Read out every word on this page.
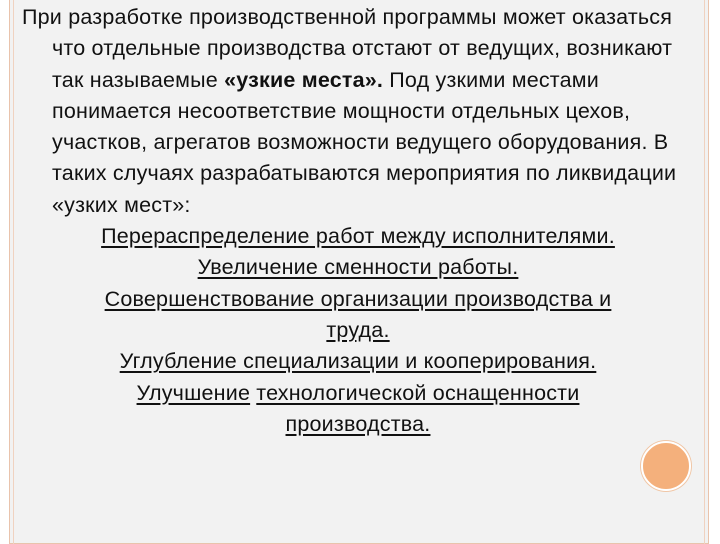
При разработке производственной программы может оказаться что отдельные производства отстают от ведущих, возникают так называемые «узкие места». Под узкими местами понимается несоответствие мощности отдельных цехов, участков, агрегатов возможности ведущего оборудования. В таких случаях разрабатываются мероприятия по ликвидации «узких мест»:

Перераспределение работ между исполнителями.

Увеличение сменности работы.

Совершенствование организации производства и
труда.

Углубление специализации и кооперирования.

Улучшение технологической оснащенности
производства.
